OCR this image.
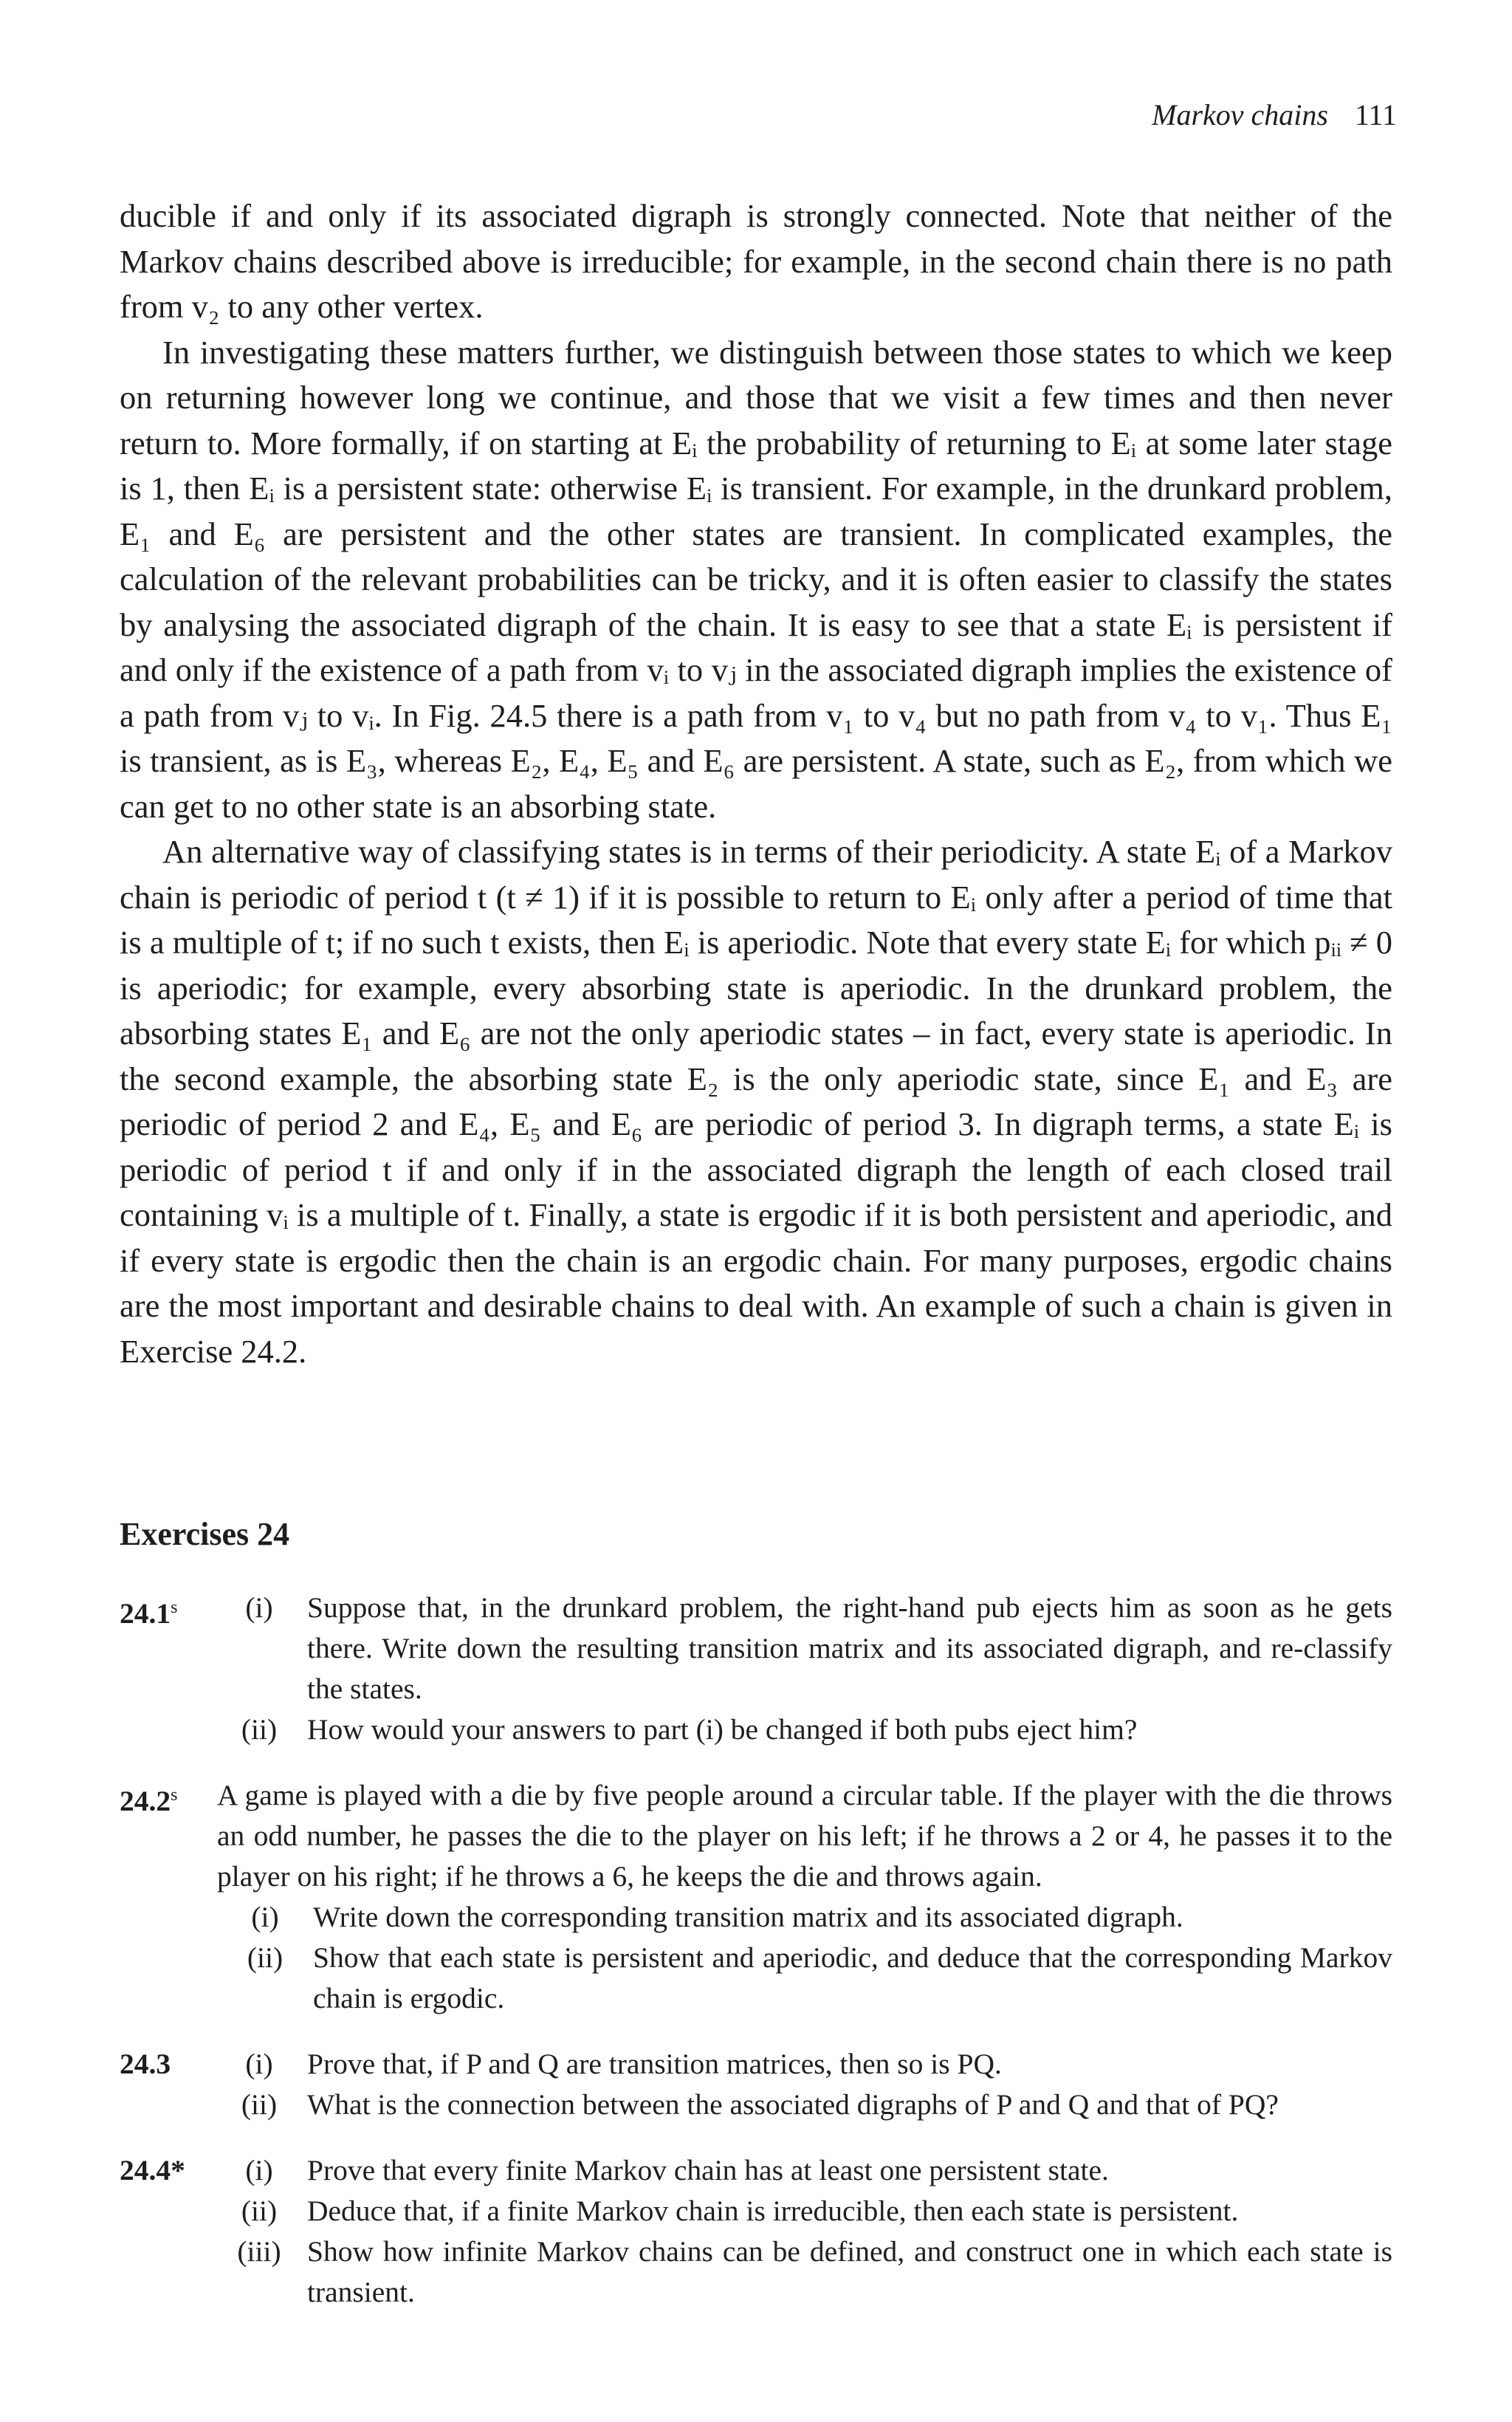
Markov chains 111

ducible if and only if its associated digraph is strongly connected. Note that neither of the Markov chains described above is irreducible; for example, in the second chain there is no path from v₂ to any other vertex.

In investigating these matters further, we distinguish between those states to which we keep on returning however long we continue, and those that we visit a few times and then never return to. More formally, if on starting at Eᵢ the probability of returning to Eᵢ at some later stage is 1, then Eᵢ is a persistent state: otherwise Eᵢ is transient. For example, in the drunkard problem, E₁ and E₆ are persistent and the other states are transient. In complicated examples, the calculation of the relevant probabilities can be tricky, and it is often easier to classify the states by analysing the associated digraph of the chain. It is easy to see that a state Eᵢ is persistent if and only if the existence of a path from vᵢ to vⱼ in the associated digraph implies the existence of a path from vⱼ to vᵢ. In Fig. 24.5 there is a path from v₁ to v₄ but no path from v₄ to v₁. Thus E₁ is transient, as is E₃, whereas E₂, E₄, E₅ and E₆ are persistent. A state, such as E₂, from which we can get to no other state is an absorbing state.

An alternative way of classifying states is in terms of their periodicity. A state Eᵢ of a Markov chain is periodic of period t (t ≠ 1) if it is possible to return to Eᵢ only after a period of time that is a multiple of t; if no such t exists, then Eᵢ is aperiodic. Note that every state Eᵢ for which pᵢᵢ ≠ 0 is aperiodic; for example, every absorbing state is aperiodic. In the drunkard problem, the absorbing states E₁ and E₆ are not the only aperiodic states – in fact, every state is aperiodic. In the second example, the absorbing state E₂ is the only aperiodic state, since E₁ and E₃ are periodic of period 2 and E₄, E₅ and E₆ are periodic of period 3. In digraph terms, a state Eᵢ is periodic of period t if and only if in the associated digraph the length of each closed trail containing vᵢ is a multiple of t. Finally, a state is ergodic if it is both persistent and aperiodic, and if every state is ergodic then the chain is an ergodic chain. For many purposes, ergodic chains are the most important and desirable chains to deal with. An example of such a chain is given in Exercise 24.2.

Exercises 24
24.1$^s$	(i)	Suppose that, in the drunkard problem, the right-hand pub ejects him as soon as he gets there. Write down the resulting transition matrix and its associated digraph, and re-classify the states.
(ii)	How would your answers to part (i) be changed if both pubs eject him?
24.2$^s$	A game is played with a die by five people around a circular table. If the player with the die throws an odd number, he passes the die to the player on his left; if he throws a 2 or 4, he passes it to the player on his right; if he throws a 6, he keeps the die and throws again.
(i)	Write down the corresponding transition matrix and its associated digraph.
(ii)	Show that each state is persistent and aperiodic, and deduce that the corresponding Markov chain is ergodic.
24.3	(i)	Prove that, if P and Q are transition matrices, then so is PQ.
(ii)	What is the connection between the associated digraphs of P and Q and that of PQ?
24.4*	(i)	Prove that every finite Markov chain has at least one persistent state.
(ii)	Deduce that, if a finite Markov chain is irreducible, then each state is persistent.
(iii) Show how infinite Markov chains can be defined, and construct one in which each state is transient.
